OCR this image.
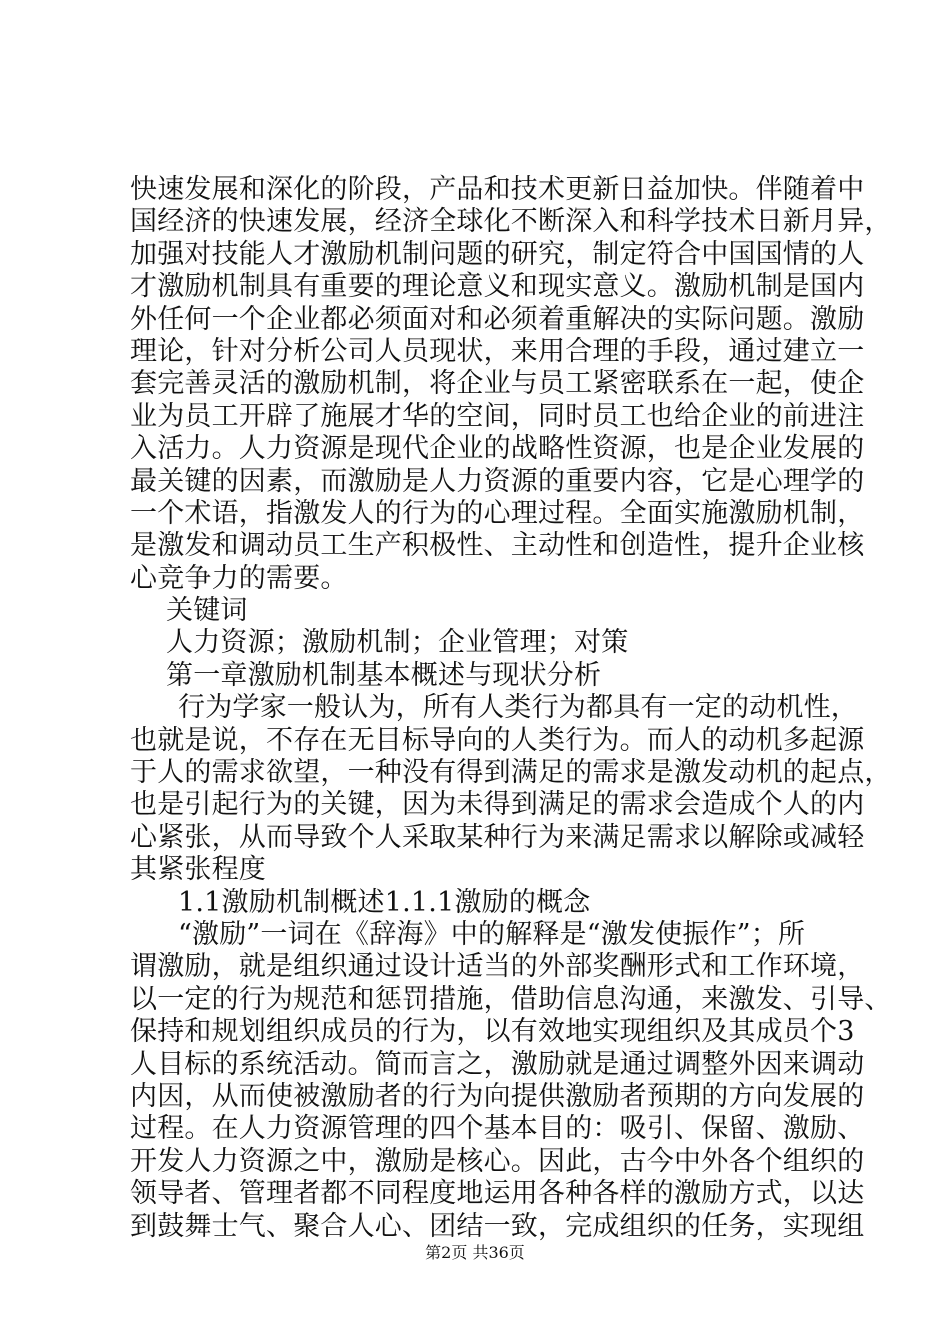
快速发展和深化的阶段，产品和技术更新日益加快。伴随着中
国经济的快速发展，经济全球化不断深入和科学技术日新月异，
加强对技能人才激励机制问题的研究，制定符合中国国情的人
才激励机制具有重要的理论意义和现实意义。激励机制是国内
外任何一个企业都必须面对和必须着重解决的实际问题。激励
理论，针对分析公司人员现状，来用合理的手段，通过建立一
套完善灵活的激励机制，将企业与员工紧密联系在一起，使企
业为员工开辟了施展才华的空间，同时员工也给企业的前进注
入活力。人力资源是现代企业的战略性资源，也是企业发展的
最关键的因素，而激励是人力资源的重要内容，它是心理学的
一个术语，指激发人的行为的心理过程。全面实施激励机制，
是激发和调动员工生产积极性、主动性和创造性，提升企业核
心竞争力的需要。
关键词
人力资源；激励机制；企业管理；对策
第一章激励机制基本概述与现状分析
行为学家一般认为，所有人类行为都具有一定的动机性，
也就是说，不存在无目标导向的人类行为。而人的动机多起源
于人的需求欲望，一种没有得到满足的需求是激发动机的起点，
也是引起行为的关键，因为未得到满足的需求会造成个人的内
心紧张，从而导致个人采取某种行为来满足需求以解除或减轻
其紧张程度
1.1激励机制概述1.1.1激励的概念
“激励”一词在《辞海》中的解释是“激发使振作”；所
谓激励，就是组织通过设计适当的外部奖酬形式和工作环境，
以一定的行为规范和惩罚措施，借助信息沟通，来激发、引导、
保持和规划组织成员的行为，以有效地实现组织及其成员个3
人目标的系统活动。简而言之，激励就是通过调整外因来调动
内因，从而使被激励者的行为向提供激励者预期的方向发展的
过程。在人力资源管理的四个基本目的：吸引、保留、激励、
开发人力资源之中，激励是核心。因此，古今中外各个组织的
领导者、管理者都不同程度地运用各种各样的激励方式，以达
到鼓舞士气、聚合人心、团结一致，完成组织的任务，实现组
第2页 共36页
